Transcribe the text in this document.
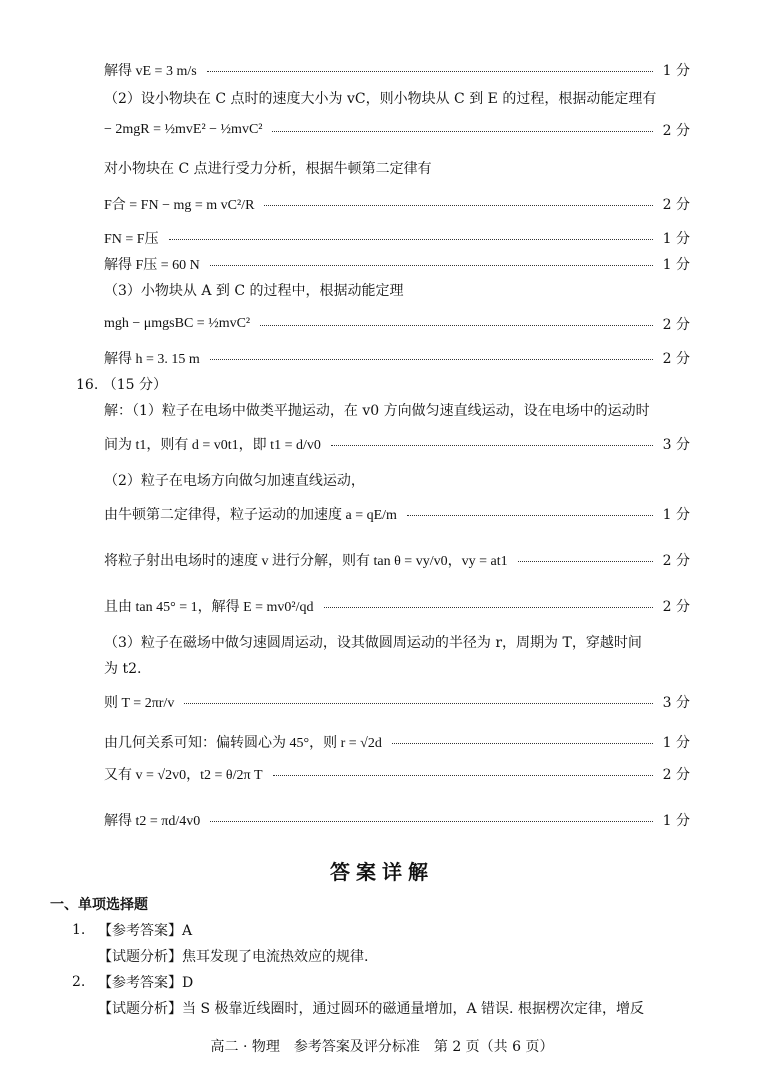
解得 vE = 3 m/s	1 分
（2）设小物块在 C 点时的速度大小为 vC，则小物块从 C 到 E 的过程，根据动能定理有
− 2mgR = ½mvE² − ½mvC²	2 分
对小物块在 C 点进行受力分析，根据牛顿第二定律有
F合 = FN − mg = m vC²/R	2 分
FN = F压	1 分
解得 F压 = 60 N	1 分
（3）小物块从 A 到 C 的过程中，根据动能定理
mgh − μmgsBC = ½mvC²	2 分
解得 h = 3. 15 m	2 分
16. （15 分）
解：（1）粒子在电场中做类平抛运动，在 v0 方向做匀速直线运动，设在电场中的运动时
间为 t1，则有 d = v0t1，即 t1 = d/v0	3 分
（2）粒子在电场方向做匀加速直线运动，
由牛顿第二定律得，粒子运动的加速度 a = qE/m	1 分
将粒子射出电场时的速度 v 进行分解，则有 tan θ = vy/v0，vy = at1	2 分
且由 tan 45° = 1，解得 E = mv0²/qd	2 分
（3）粒子在磁场中做匀速圆周运动，设其做圆周运动的半径为 r，周期为 T，穿越时间
为 t2.
则 T = 2πr/v	3 分
由几何关系可知：偏转圆心为 45°，则 r = √2d	1 分
又有 v = √2v0，t2 = θ/2π T	2 分
解得 t2 = πd/4v0	1 分
答案详解
一、单项选择题
1. 【参考答案】A
【试题分析】焦耳发现了电流热效应的规律.
2. 【参考答案】D
【试题分析】当 S 极靠近线圈时，通过圆环的磁通量增加，A 错误. 根据楞次定律，增反
高二 · 物理　参考答案及评分标准　第 2 页（共 6 页）
